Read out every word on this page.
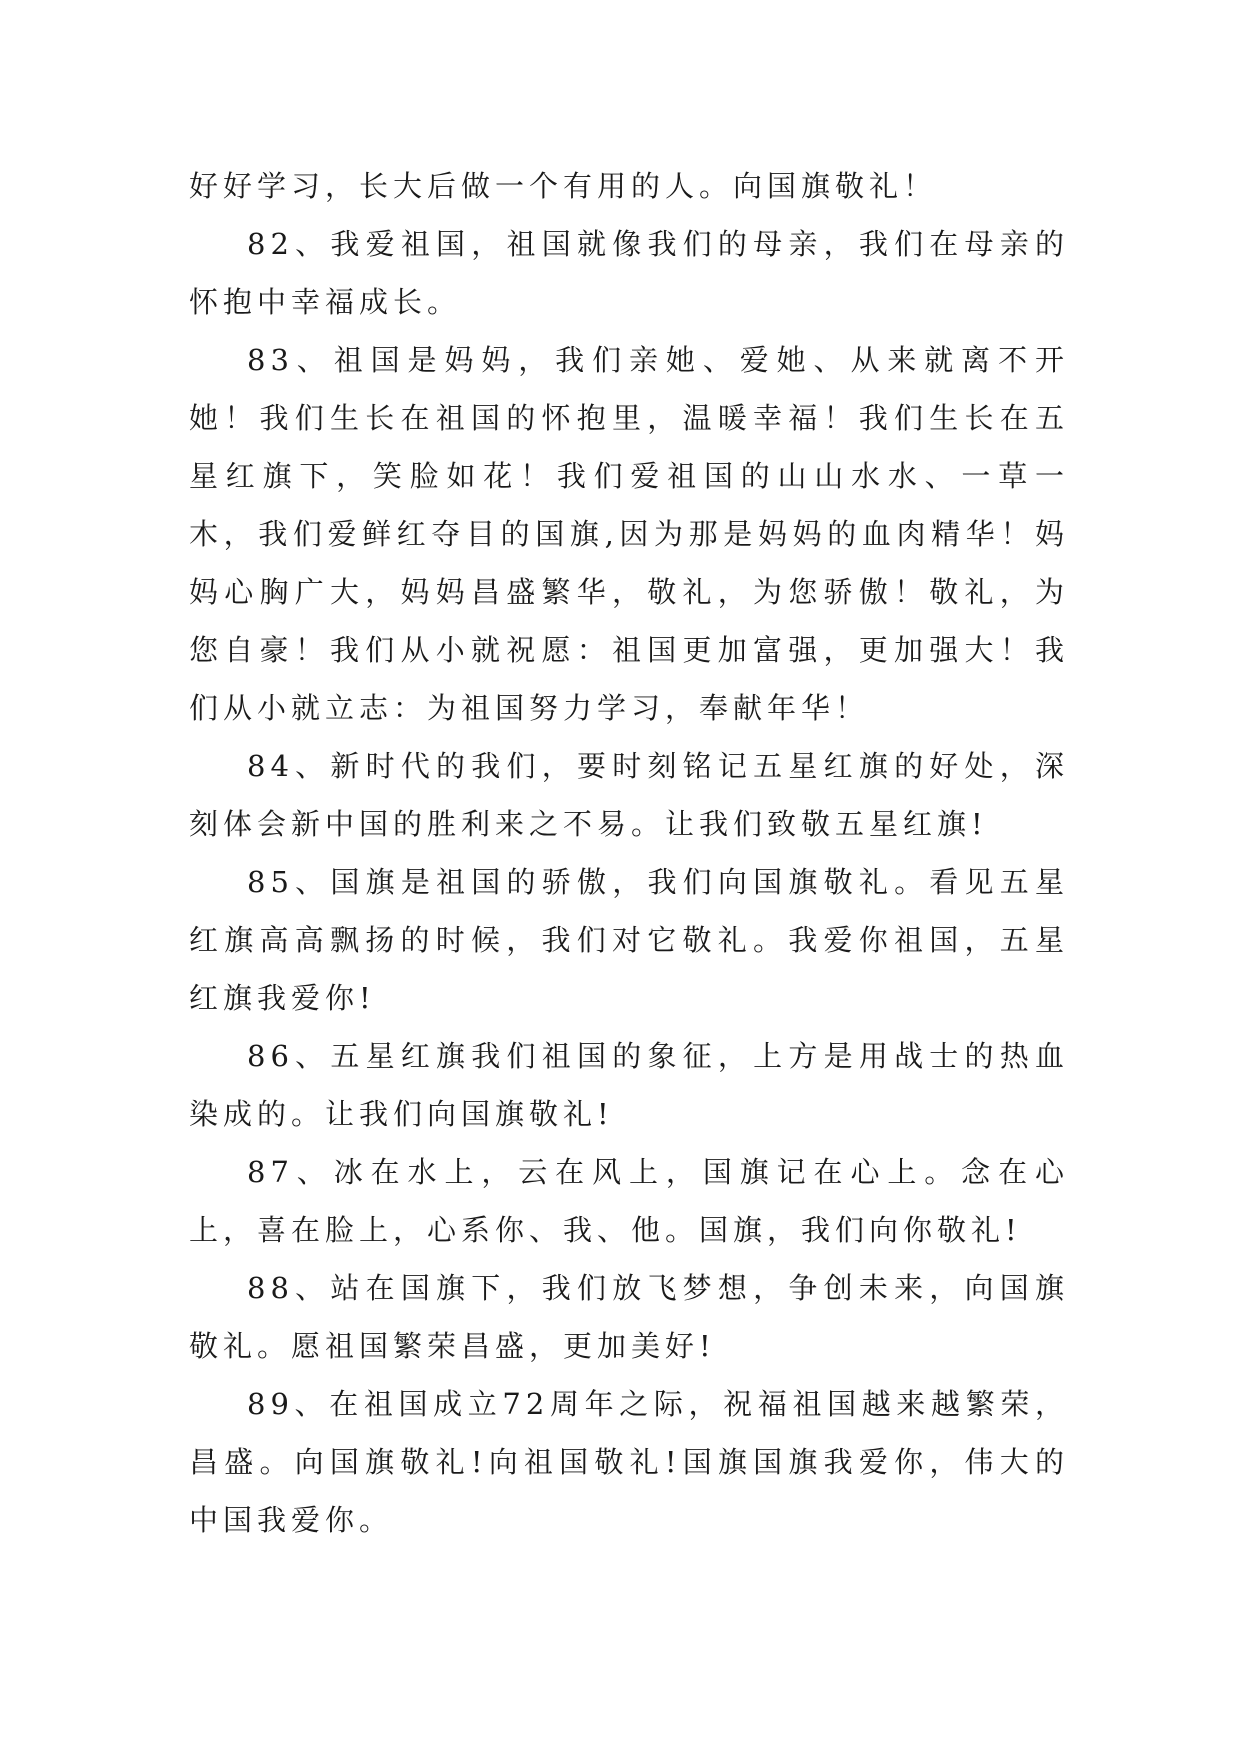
好好学习，长大后做一个有用的人。向国旗敬礼！

82、我爱祖国，祖国就像我们的母亲，我们在母亲的怀抱中幸福成长。

83、祖国是妈妈，我们亲她、爱她、从来就离不开她！我们生长在祖国的怀抱里，温暖幸福！我们生长在五星红旗下，笑脸如花！我们爱祖国的山山水水、一草一木，我们爱鲜红夺目的国旗,因为那是妈妈的血肉精华！妈妈心胸广大，妈妈昌盛繁华，敬礼，为您骄傲！敬礼，为您自豪！我们从小就祝愿：祖国更加富强，更加强大！我们从小就立志：为祖国努力学习，奉献年华！

84、新时代的我们，要时刻铭记五星红旗的好处，深刻体会新中国的胜利来之不易。让我们致敬五星红旗!

85、国旗是祖国的骄傲，我们向国旗敬礼。看见五星红旗高高飘扬的时候，我们对它敬礼。我爱你祖国，五星红旗我爱你!

86、五星红旗我们祖国的象征，上方是用战士的热血染成的。让我们向国旗敬礼!

87、冰在水上，云在风上，国旗记在心上。念在心上，喜在脸上，心系你、我、他。国旗，我们向你敬礼!

88、站在国旗下，我们放飞梦想，争创未来，向国旗敬礼。愿祖国繁荣昌盛，更加美好!

89、在祖国成立72周年之际，祝福祖国越来越繁荣，昌盛。向国旗敬礼!向祖国敬礼!国旗国旗我爱你，伟大的中国我爱你。
